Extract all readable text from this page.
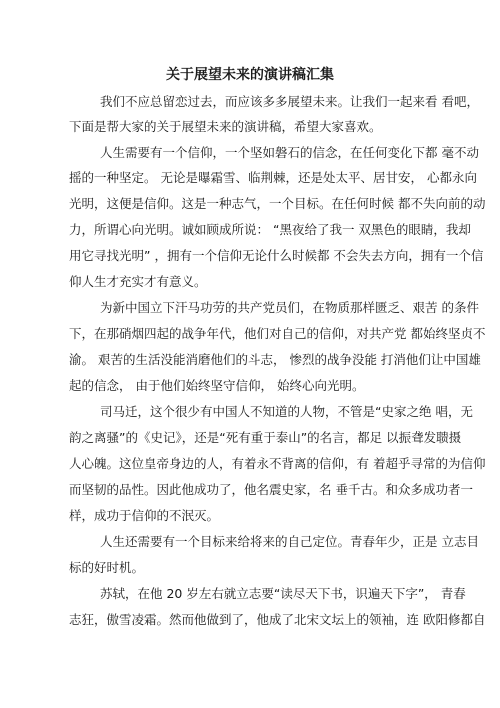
关于展望未来的演讲稿汇集
我们不应总留恋过去，而应该多多展望未来。让我们一起来看 看吧，
下面是帮大家的关于展望未来的演讲稿，希望大家喜欢。
人生需要有一个信仰，一个坚如磐石的信念，在任何变化下都 毫不动
摇的一种坚定。 无论是曝霜雪、临荆棘，还是处太平、居甘安， 心都永向
光明，这便是信仰。这是一种志气，一个目标。在任何时候 都不失向前的动
力，所谓心向光明。诚如顾成所说： “黑夜给了我一 双黑色的眼睛，我却
用它寻找光明” ，拥有一个信仰无论什么时候都 不会失去方向，拥有一个信
仰人生才充实才有意义。
为新中国立下汗马功劳的共产党员们，在物质那样匮乏、艰苦 的条件
下，在那硝烟四起的战争年代，他们对自己的信仰，对共产党 都始终坚贞不
渝。 艰苦的生活没能消磨他们的斗志， 惨烈的战争没能 打消他们让中国雄
起的信念， 由于他们始终坚守信仰， 始终心向光明。
司马迁，这个很少有中国人不知道的人物，不管是“史家之绝 唱，无
韵之离骚”的《史记》，还是“死有重于泰山”的名言，都足 以振聋发聩摄
人心魄。这位皇帝身边的人，有着永不背离的信仰，有 着超乎寻常的为信仰
而坚韧的品性。因此他成功了，他名震史家，名 垂千古。和众多成功者一
样，成功于信仰的不泯灭。
人生还需要有一个目标来给将来的自己定位。青春年少，正是 立志目
标的好时机。
苏轼，在他 20 岁左右就立志要“读尽天下书，识遍天下字”， 青春
志狂，傲雪凌霜。然而他做到了，他成了北宋文坛上的领袖，连 欧阳修都自
